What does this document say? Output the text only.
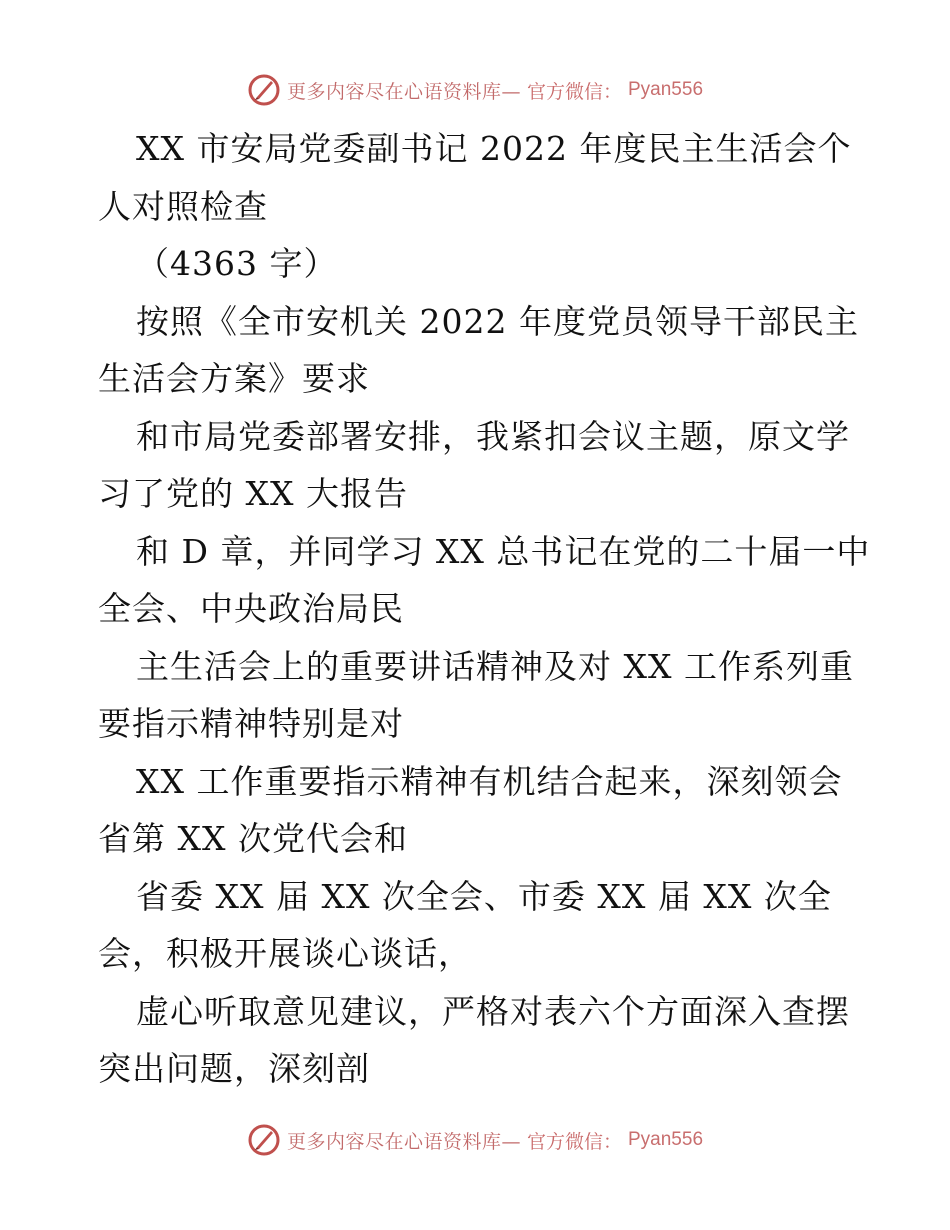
更多内容尽在心语资料库— 官方微信： Pyan556
XX 市安局党委副书记 2022 年度民主生活会个
人对照检查
（4363 字）
按照《全市安机关 2022 年度党员领导干部民主
生活会方案》要求
和市局党委部署安排，我紧扣会议主题，原文学
习了党的 XX 大报告
和 D 章，并同学习 XX 总书记在党的二十届一中
全会、中央政治局民
主生活会上的重要讲话精神及对 XX 工作系列重
要指示精神特别是对
XX 工作重要指示精神有机结合起来，深刻领会
省第 XX 次党代会和
省委 XX 届 XX 次全会、市委 XX 届 XX 次全
会，积极开展谈心谈话，
虚心听取意见建议，严格对表六个方面深入查摆
突出问题，深刻剖
更多内容尽在心语资料库— 官方微信： Pyan556
